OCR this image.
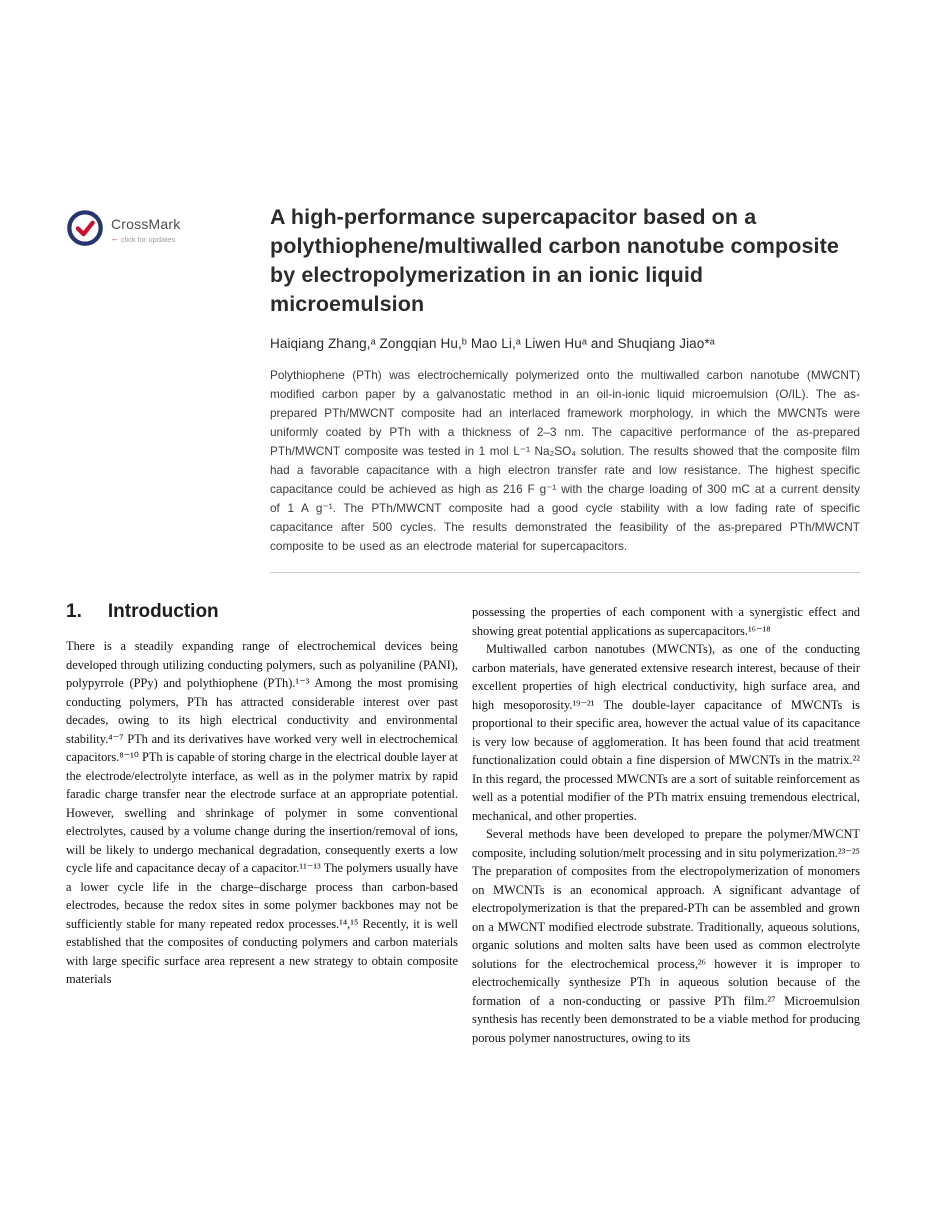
CrossMark
← click for updates
A high-performance supercapacitor based on a polythiophene/multiwalled carbon nanotube composite by electropolymerization in an ionic liquid microemulsion
Haiqiang Zhang,ᵃ Zongqian Hu,ᵇ Mao Li,ᵃ Liwen Huᵃ and Shuqiang Jiao*ᵃ

Polythiophene (PTh) was electrochemically polymerized onto the multiwalled carbon nanotube (MWCNT) modified carbon paper by a galvanostatic method in an oil-in-ionic liquid microemulsion (O/IL). The as-prepared PTh/MWCNT composite had an interlaced framework morphology, in which the MWCNTs were uniformly coated by PTh with a thickness of 2–3 nm. The capacitive performance of the as-prepared PTh/MWCNT composite was tested in 1 mol L⁻¹ Na₂SO₄ solution. The results showed that the composite film had a favorable capacitance with a high electron transfer rate and low resistance. The highest specific capacitance could be achieved as high as 216 F g⁻¹ with the charge loading of 300 mC at a current density of 1 A g⁻¹. The PTh/MWCNT composite had a good cycle stability with a low fading rate of specific capacitance after 500 cycles. The results demonstrated the feasibility of the as-prepared PTh/MWCNT composite to be used as an electrode material for supercapacitors.

1. Introduction

There is a steadily expanding range of electrochemical devices being developed through utilizing conducting polymers, such as polyaniline (PANI), polypyrrole (PPy) and polythiophene (PTh).¹⁻³ Among the most promising conducting polymers, PTh has attracted considerable interest over past decades, owing to its high electrical conductivity and environmental stability.⁴⁻⁷ PTh and its derivatives have worked very well in electrochemical capacitors.⁸⁻¹⁰ PTh is capable of storing charge in the electrical double layer at the electrode/electrolyte interface, as well as in the polymer matrix by rapid faradic charge transfer near the electrode surface at an appropriate potential. However, swelling and shrinkage of polymer in some conventional electrolytes, caused by a volume change during the insertion/removal of ions, will be likely to undergo mechanical degradation, consequently exerts a low cycle life and capacitance decay of a capacitor.¹¹⁻¹³ The polymers usually have a lower cycle life in the charge–discharge process than carbon-based electrodes, because the redox sites in some polymer backbones may not be sufficiently stable for many repeated redox processes.¹⁴,¹⁵ Recently, it is well established that the composites of conducting polymers and carbon materials with large specific surface area represent a new strategy to obtain composite materials

possessing the properties of each component with a synergistic effect and showing great potential applications as supercapacitors.¹⁶⁻¹⁸

Multiwalled carbon nanotubes (MWCNTs), as one of the conducting carbon materials, have generated extensive research interest, because of their excellent properties of high electrical conductivity, high surface area, and high mesoporosity.¹⁹⁻²¹ The double-layer capacitance of MWCNTs is proportional to their specific area, however the actual value of its capacitance is very low because of agglomeration. It has been found that acid treatment functionalization could obtain a fine dispersion of MWCNTs in the matrix.²² In this regard, the processed MWCNTs are a sort of suitable reinforcement as well as a potential modifier of the PTh matrix ensuing tremendous electrical, mechanical, and other properties.

Several methods have been developed to prepare the polymer/MWCNT composite, including solution/melt processing and in situ polymerization.²³⁻²⁵ The preparation of composites from the electropolymerization of monomers on MWCNTs is an economical approach. A significant advantage of electropolymerization is that the prepared-PTh can be assembled and grown on a MWCNT modified electrode substrate. Traditionally, aqueous solutions, organic solutions and molten salts have been used as common electrolyte solutions for the electrochemical process,²⁶ however it is improper to electrochemically synthesize PTh in aqueous solution because of the formation of a non-conducting or passive PTh film.²⁷ Microemulsion synthesis has recently been demonstrated to be a viable method for producing porous polymer nanostructures, owing to its
